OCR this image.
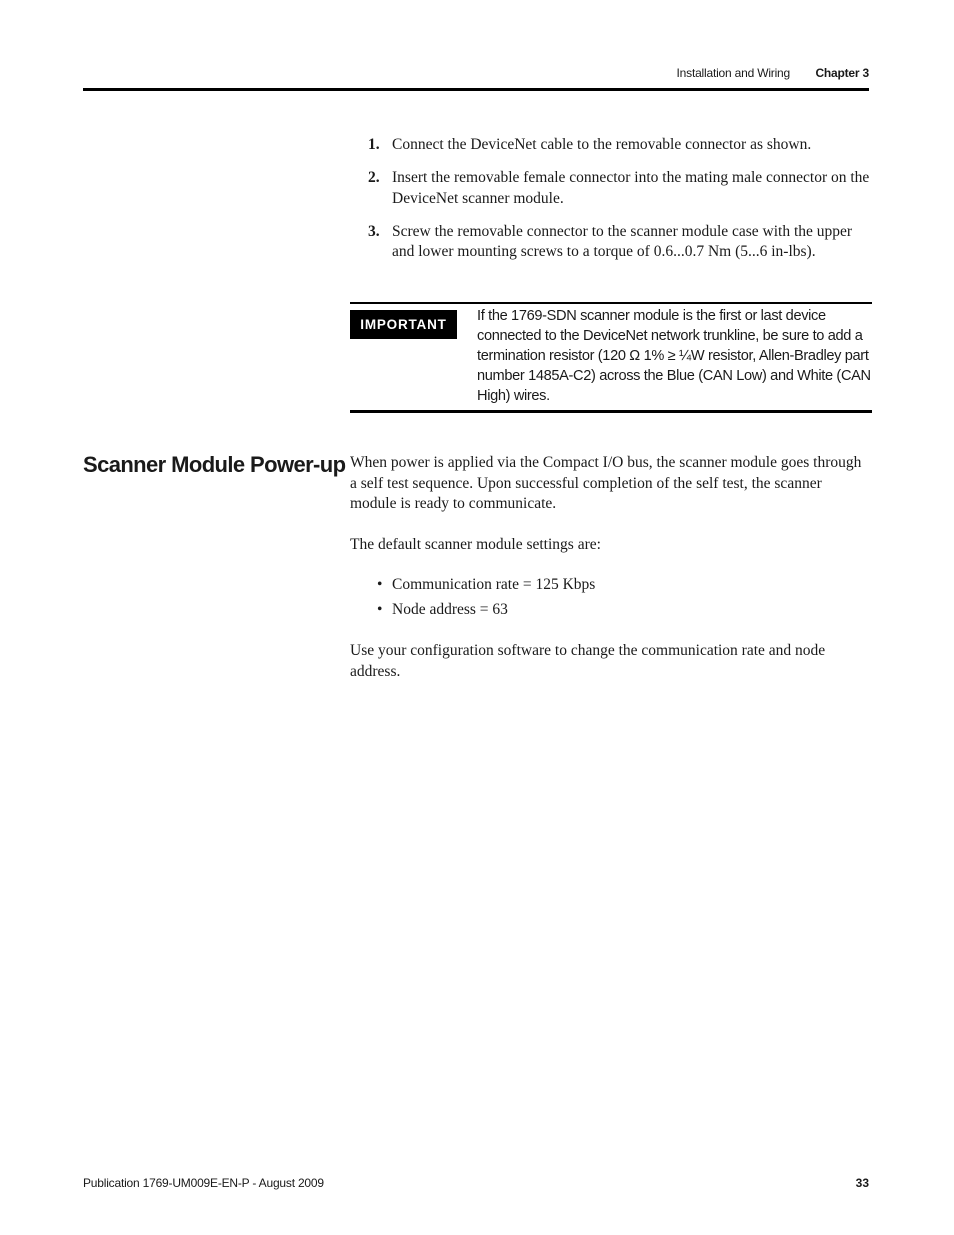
Installation and Wiring Chapter 3
1. Connect the DeviceNet cable to the removable connector as shown.
2. Insert the removable female connector into the mating male connector on the DeviceNet scanner module.
3. Screw the removable connector to the scanner module case with the upper and lower mounting screws to a torque of 0.6...0.7 Nm (5...6 in-lbs).
IMPORTANT
If the 1769-SDN scanner module is the first or last device connected to the DeviceNet network trunkline, be sure to add a termination resistor (120 Ω 1% ≥ ¼W resistor, Allen-Bradley part number 1485A-C2) across the Blue (CAN Low) and White (CAN High) wires.
Scanner Module Power-up When power is applied via the Compact I/O bus, the scanner module goes through a self test sequence. Upon successful completion of the self test, the scanner module is ready to communicate.

The default scanner module settings are:

• Communication rate = 125 Kbps
• Node address = 63

Use your configuration software to change the communication rate and node address.

Publication 1769-UM009E-EN-P - August 2009	33
